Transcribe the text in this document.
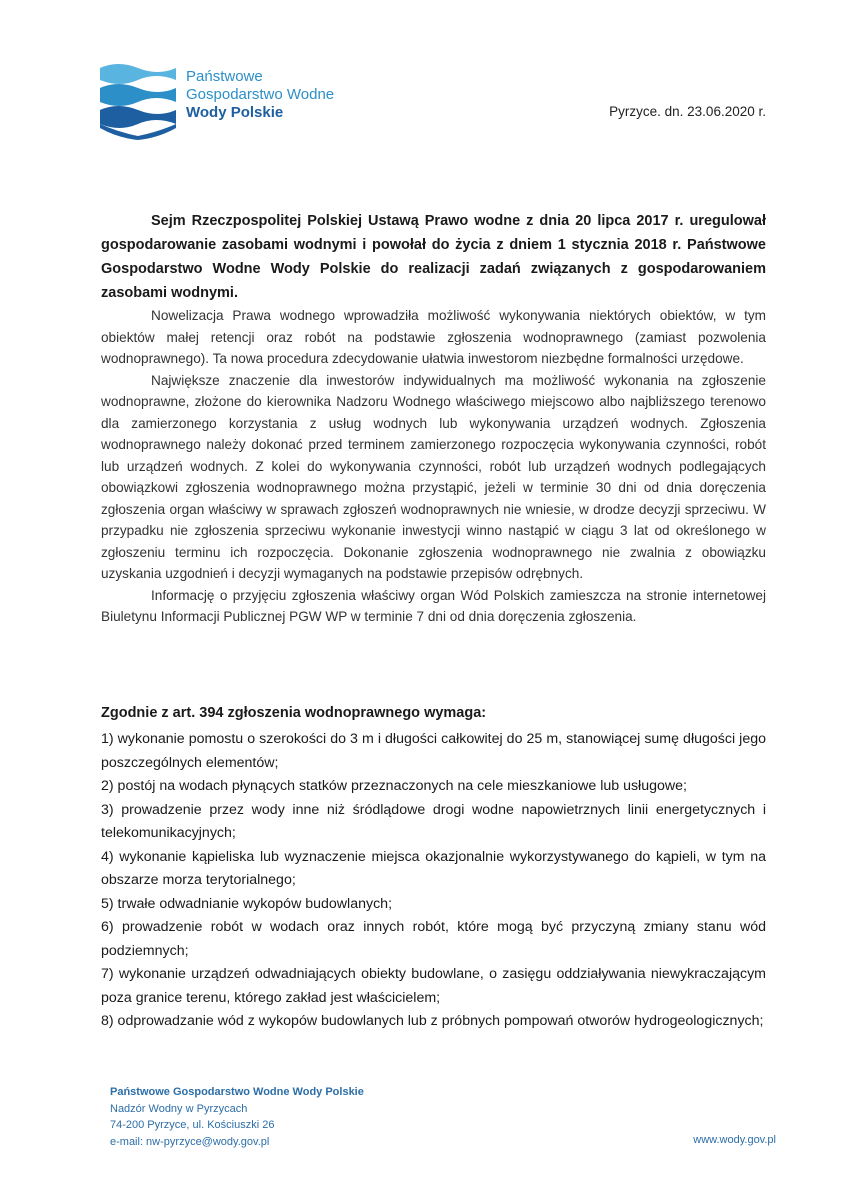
Państwowe
Gospodarstwo Wodne
Wody Polskie	Pyrzyce. dn. 23.06.2020 r.

Sejm Rzeczpospolitej Polskiej Ustawą Prawo wodne z dnia 20 lipca 2017 r. uregulował gospodarowanie zasobami wodnymi i powołał do życia z dniem 1 stycznia 2018 r. Państwowe Gospodarstwo Wodne Wody Polskie do realizacji zadań związanych z gospodarowaniem zasobami wodnymi.

Nowelizacja Prawa wodnego wprowadziła możliwość wykonywania niektórych obiektów, w tym obiektów małej retencji oraz robót na podstawie zgłoszenia wodnoprawnego (zamiast pozwolenia wodnoprawnego). Ta nowa procedura zdecydowanie ułatwia inwestorom niezbędne formalności urzędowe.

Największe znaczenie dla inwestorów indywidualnych ma możliwość wykonania na zgłoszenie wodnoprawne, złożone do kierownika Nadzoru Wodnego właściwego miejscowo albo najbliższego terenowo dla zamierzonego korzystania z usług wodnych lub wykonywania urządzeń wodnych. Zgłoszenia wodnoprawnego należy dokonać przed terminem zamierzonego rozpoczęcia wykonywania czynności, robót lub urządzeń wodnych. Z kolei do wykonywania czynności, robót lub urządzeń wodnych podlegających obowiązkowi zgłoszenia wodnoprawnego można przystąpić, jeżeli w terminie 30 dni od dnia doręczenia zgłoszenia organ właściwy w sprawach zgłoszeń wodnoprawnych nie wniesie, w drodze decyzji sprzeciwu. W przypadku nie zgłoszenia sprzeciwu wykonanie inwestycji winno nastąpić w ciągu 3 lat od określonego w zgłoszeniu terminu ich rozpoczęcia. Dokonanie zgłoszenia wodnoprawnego nie zwalnia z obowiązku uzyskania uzgodnień i decyzji wymaganych na podstawie przepisów odrębnych.

Informację o przyjęciu zgłoszenia właściwy organ Wód Polskich zamieszcza na stronie internetowej Biuletynu Informacji Publicznej PGW WP w terminie 7 dni od dnia doręczenia zgłoszenia.

Zgodnie z art. 394 zgłoszenia wodnoprawnego wymaga:
1) wykonanie pomostu o szerokości do 3 m i długości całkowitej do 25 m, stanowiącej sumę długości jego poszczególnych elementów;
2) postój na wodach płynących statków przeznaczonych na cele mieszkaniowe lub usługowe;
3) prowadzenie przez wody inne niż śródlądowe drogi wodne napowietrznych linii energetycznych i telekomunikacyjnych;
4) wykonanie kąpieliska lub wyznaczenie miejsca okazjonalnie wykorzystywanego do kąpieli, w tym na obszarze morza terytorialnego;
5) trwałe odwadnianie wykopów budowlanych;
6) prowadzenie robót w wodach oraz innych robót, które mogą być przyczyną zmiany stanu wód podziemnych;
7) wykonanie urządzeń odwadniających obiekty budowlane, o zasięgu oddziaływania niewykraczającym poza granice terenu, którego zakład jest właścicielem;
8) odprowadzanie wód z wykopów budowlanych lub z próbnych pompowań otworów hydrogeologicznych;
Państwowe Gospodarstwo Wodne Wody Polskie
Nadzór Wodny w Pyrzycach
74-200 Pyrzyce, ul. Kościuszki 26
e-mail: nw-pyrzyce@wody.gov.pl	www.wody.gov.pl
